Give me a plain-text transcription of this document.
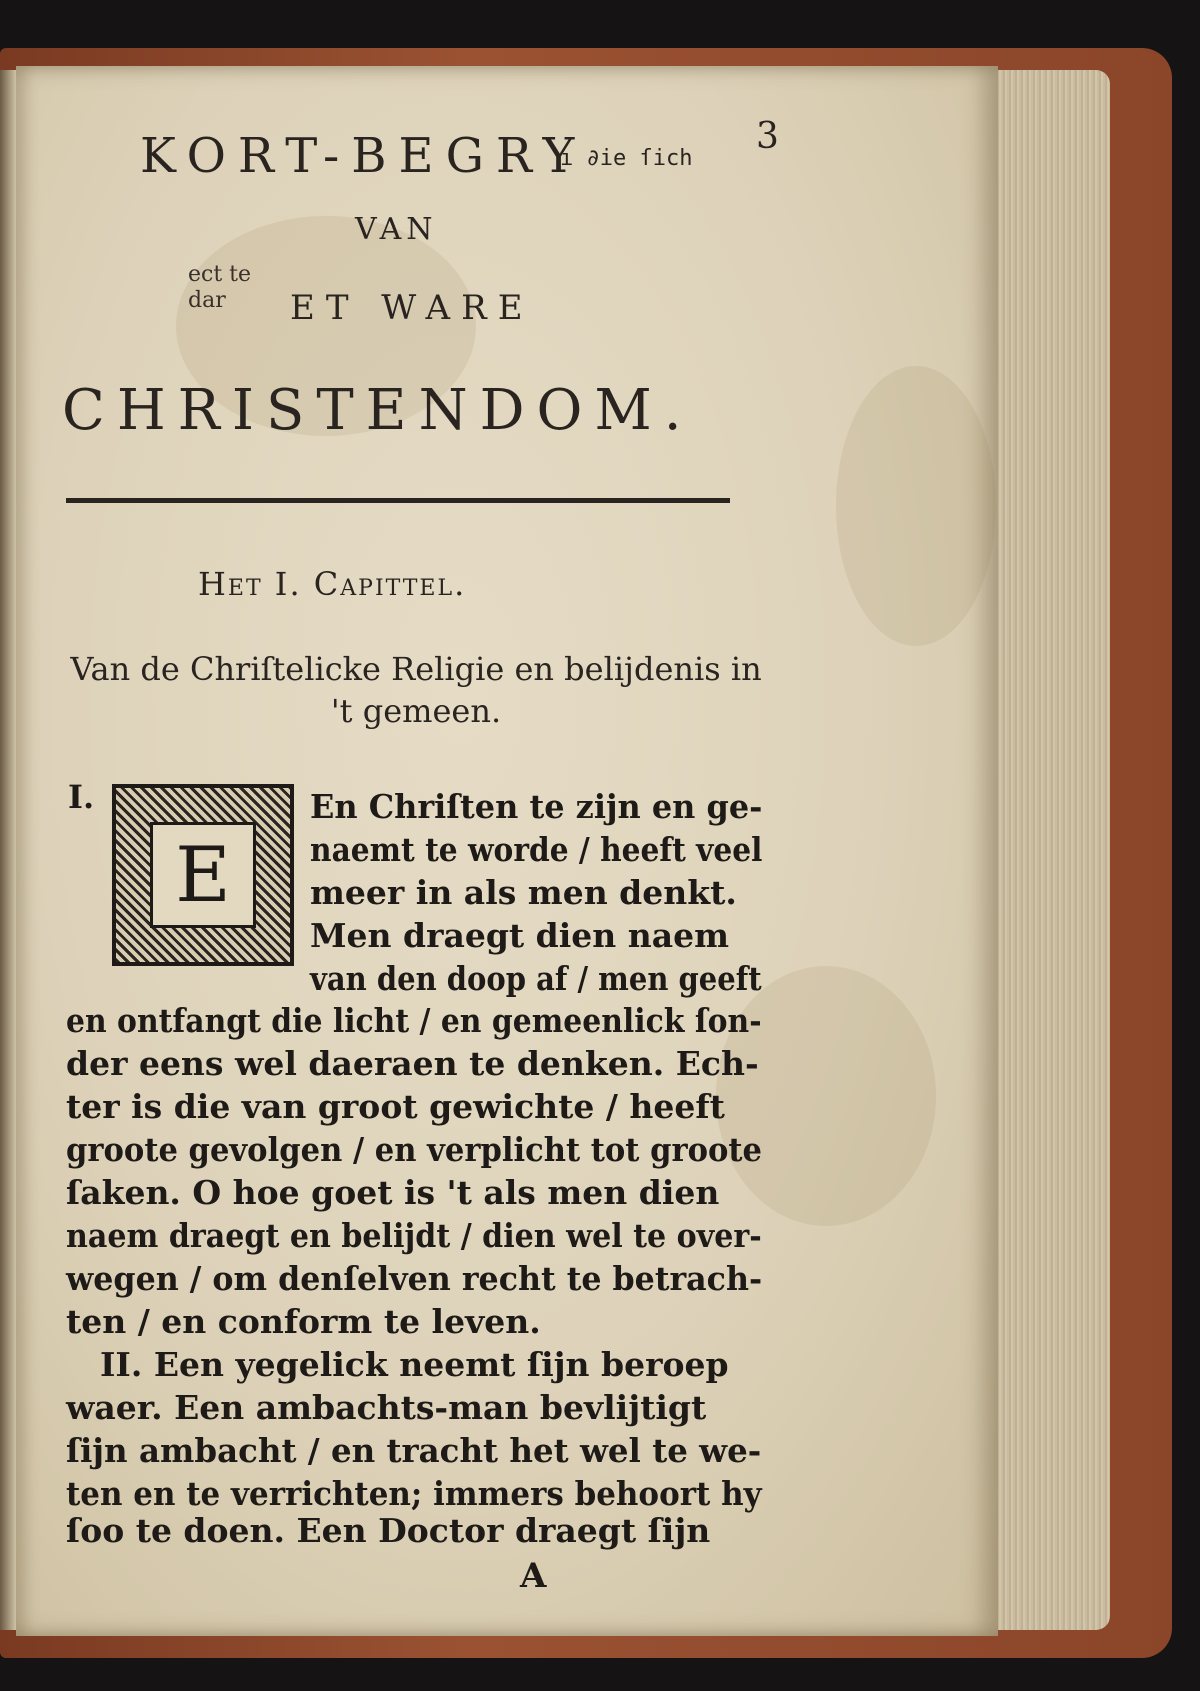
3
KORT-BEGRY
ı ∂ie ſich
VAN
ect te
dar	ET WARE
CHRISTENDOM.
Het I. Capittel.
Van de Chriſtelicke Religie en belijdenis in 't gemeen.
I.
E
En Chriſten te zijn en ge-
naemt te worde / heeft veel
meer in als men denkt.
Men draegt dien naem
van den doop af / men geeft
en ontfangt die licht / en gemeenlick ſon-
der eens wel daeraen te denken. Ech-
ter is die van groot gewichte / heeft
groote gevolgen / en verplicht tot groote
ſaken. O hoe goet is 't als men dien
naem draegt en belijdt / dien wel te over-
wegen / om denſelven recht te betrach-
ten / en conform te leven.
II. Een yegelick neemt ſijn beroep
waer. Een ambachts-man bevlijtigt
ſijn ambacht / en tracht het wel te we-
ten en te verrichten; immers behoort hy
ſoo te doen. Een Doctor draegt ſijn
A
